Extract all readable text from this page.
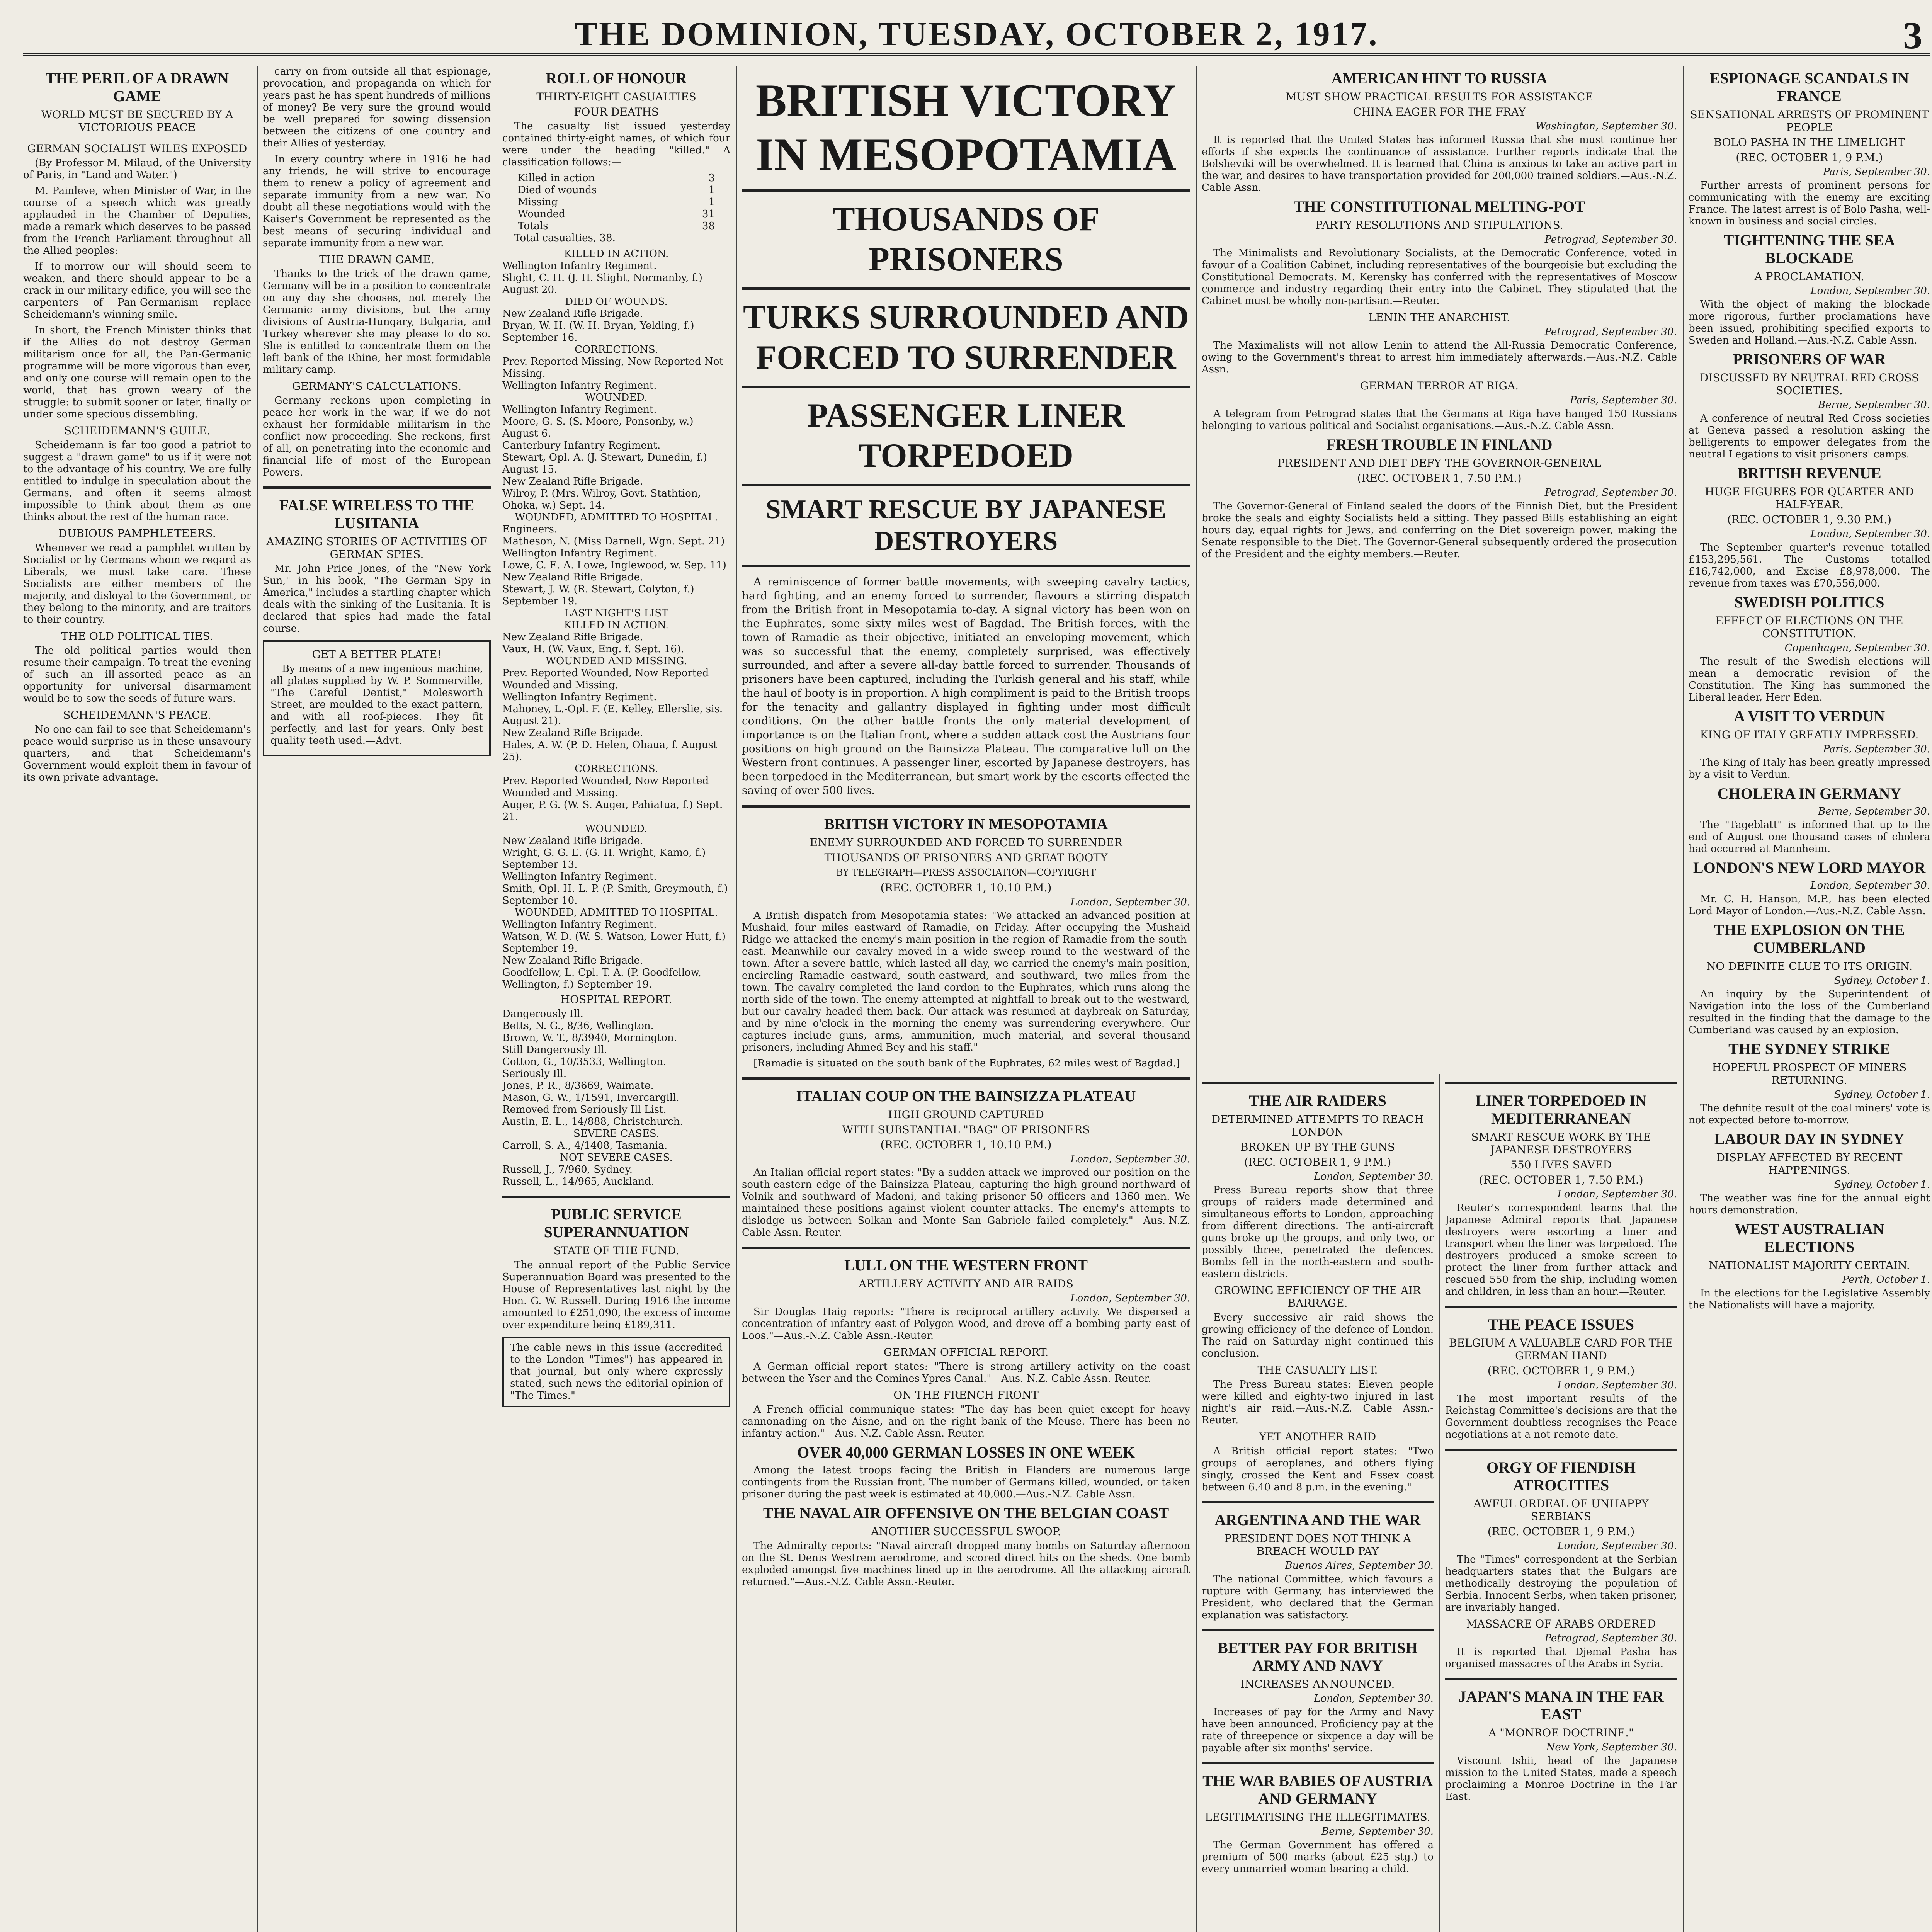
THE DOMINION, TUESDAY, OCTOBER 2, 1917.	3
THE PERIL OF A DRAWN GAME
WORLD MUST BE SECURED BY A VICTORIOUS PEACE
GERMAN SOCIALIST WILES EXPOSED
(By Professor M. Milaud, of the University of Paris, in "Land and Water.")
M. Painleve, when Minister of War, in the course of a speech which was greatly applauded in the Chamber of Deputies, made a remark which deserves to be passed from the French Parliament throughout all the Allied peoples:
If to-morrow our will should seem to weaken, and there should appear to be a crack in our military edifice, you will see the carpenters of Pan-Germanism replace Scheidemann's winning smile.
In short, the French Minister thinks that if the Allies do not destroy German militarism once for all, the Pan-Germanic programme will be more vigorous than ever, and only one course will remain open to the world, that has grown weary of the struggle: to submit sooner or later, finally or under some specious dissembling.
SCHEIDEMANN'S GUILE.
Scheidemann is far too good a patriot to suggest a "drawn game" to us if it were not to the advantage of his country. We are fully entitled to indulge in speculation about the Germans, and often it seems almost impossible to think about them as one thinks about the rest of the human race.
DUBIOUS PAMPHLETEERS.
Whenever we read a pamphlet written by Socialist or by Germans whom we regard as Liberals, we must take care. These Socialists are either members of the majority, and disloyal to the Government, or they belong to the minority, and are traitors to their country.
THE OLD POLITICAL TIES.
The old political parties would then resume their campaign. To treat the evening of such an ill-assorted peace as an opportunity for universal disarmament would be to sow the seeds of future wars.
SCHEIDEMANN'S PEACE.
No one can fail to see that Scheidemann's peace would surprise us in these unsavoury quarters, and that Scheidemann's Government would exploit them in favour of its own private advantage.
carry on from outside all that espionage, provocation, and propaganda on which for years past he has spent hundreds of millions of money? Be very sure the ground would be well prepared for sowing dissension between the citizens of one country and their Allies of yesterday.
In every country where in 1916 he had any friends, he will strive to encourage them to renew a policy of agreement and separate immunity from a new war. No doubt all these negotiations would with the Kaiser's Government be represented as the best means of securing individual and separate immunity from a new war.
THE DRAWN GAME.
Thanks to the trick of the drawn game, Germany will be in a position to concentrate on any day she chooses, not merely the Germanic army divisions, but the army divisions of Austria-Hungary, Bulgaria, and Turkey wherever she may please to do so. She is entitled to concentrate them on the left bank of the Rhine, her most formidable military camp.
GERMANY'S CALCULATIONS.
Germany reckons upon completing in peace her work in the war, if we do not exhaust her formidable militarism in the conflict now proceeding. She reckons, first of all, on penetrating into the economic and financial life of most of the European Powers.
FALSE WIRELESS TO THE LUSITANIA
AMAZING STORIES OF ACTIVITIES OF GERMAN SPIES.
Mr. John Price Jones, of the "New York Sun," in his book, "The German Spy in America," includes a startling chapter which deals with the sinking of the Lusitania. It is declared that spies had made the fatal course.
GET A BETTER PLATE!
By means of a new ingenious machine, all plates supplied by W. P. Sommerville, "The Careful Dentist," Molesworth Street, are moulded to the exact pattern, and with all roof-pieces. They fit perfectly, and last for years. Only best quality teeth used.—Advt.
ROLL OF HONOUR
THIRTY-EIGHT CASUALTIES
FOUR DEATHS
The casualty list issued yesterday contained thirty-eight names, of which four were under the heading "killed." A classification follows:—
Killed in action	3
Died of wounds	1
Missing	1
Wounded	31
Totals	38
Total casualties, 38.
KILLED IN ACTION.
Wellington Infantry Regiment.
Slight, C. H. (J. H. Slight, Normanby, f.) August 20.
DIED OF WOUNDS.
New Zealand Rifle Brigade.
Bryan, W. H. (W. H. Bryan, Yelding, f.) September 16.
CORRECTIONS.
Prev. Reported Missing, Now Reported Not Missing.
Wellington Infantry Regiment.
WOUNDED.
Wellington Infantry Regiment.
Moore, G. S. (S. Moore, Ponsonby, w.) August 6.
Canterbury Infantry Regiment.
Stewart, Opl. A. (J. Stewart, Dunedin, f.) August 15.
New Zealand Rifle Brigade.
Wilroy, P. (Mrs. Wilroy, Govt. Stathtion, Ohoka, w.) Sept. 14.
WOUNDED, ADMITTED TO HOSPITAL.
Engineers.
Matheson, N. (Miss Darnell, Wgn. Sept. 21)
Wellington Infantry Regiment.
Lowe, C. E. A. Lowe, Inglewood, w. Sep. 11)
New Zealand Rifle Brigade.
Stewart, J. W. (R. Stewart, Colyton, f.) September 19.
LAST NIGHT'S LIST
KILLED IN ACTION.
New Zealand Rifle Brigade.
Vaux, H. (W. Vaux, Eng. f. Sept. 16).
WOUNDED AND MISSING.
Prev. Reported Wounded, Now Reported Wounded and Missing.
Wellington Infantry Regiment.
Mahoney, L.-Opl. F. (E. Kelley, Ellerslie, sis. August 21).
New Zealand Rifle Brigade.
Hales, A. W. (P. D. Helen, Ohaua, f. August 25).
CORRECTIONS.
Prev. Reported Wounded, Now Reported Wounded and Missing.
Auger, P. G. (W. S. Auger, Pahiatua, f.) Sept. 21.
WOUNDED.
New Zealand Rifle Brigade.
Wright, G. G. E. (G. H. Wright, Kamo, f.) September 13.
Wellington Infantry Regiment.
Smith, Opl. H. L. P. (P. Smith, Greymouth, f.) September 10.
WOUNDED, ADMITTED TO HOSPITAL.
Wellington Infantry Regiment.
Watson, W. D. (W. S. Watson, Lower Hutt, f.) September 19.
New Zealand Rifle Brigade.
Goodfellow, L.-Cpl. T. A. (P. Goodfellow, Wellington, f.) September 19.
HOSPITAL REPORT.
Dangerously Ill.
Betts, N. G., 8/36, Wellington.
Brown, W. T., 8/3940, Mornington.
Still Dangerously Ill.
Cotton, G., 10/3533, Wellington.
Seriously Ill.
Jones, P. R., 8/3669, Waimate.
Mason, G. W., 1/1591, Invercargill.
Removed from Seriously Ill List.
Austin, E. L., 14/888, Christchurch.
SEVERE CASES.
Carroll, S. A., 4/1408, Tasmania.
NOT SEVERE CASES.
Russell, J., 7/960, Sydney.
Russell, L., 14/965, Auckland.
PUBLIC SERVICE SUPERANNUATION
STATE OF THE FUND.
The annual report of the Public Service Superannuation Board was presented to the House of Representatives last night by the Hon. G. W. Russell. During 1916 the income amounted to £251,090, the excess of income over expenditure being £189,311.
The cable news in this issue (accredited to the London "Times") has appeared in that journal, but only where expressly stated, such news the editorial opinion of "The Times."
BRITISH VICTORY IN MESOPOTAMIA
THOUSANDS OF PRISONERS
TURKS SURROUNDED AND FORCED TO SURRENDER
PASSENGER LINER TORPEDOED
SMART RESCUE BY JAPANESE DESTROYERS
A reminiscence of former battle movements, with sweeping cavalry tactics, hard fighting, and an enemy forced to surrender, flavours a stirring dispatch from the British front in Mesopotamia to-day. A signal victory has been won on the Euphrates, some sixty miles west of Bagdad. The British forces, with the town of Ramadie as their objective, initiated an enveloping movement, which was so successful that the enemy, completely surprised, was effectively surrounded, and after a severe all-day battle forced to surrender. Thousands of prisoners have been captured, including the Turkish general and his staff, while the haul of booty is in proportion. A high compliment is paid to the British troops for the tenacity and gallantry displayed in fighting under most difficult conditions. On the other battle fronts the only material development of importance is on the Italian front, where a sudden attack cost the Austrians four positions on high ground on the Bainsizza Plateau. The comparative lull on the Western front continues. A passenger liner, escorted by Japanese destroyers, has been torpedoed in the Mediterranean, but smart work by the escorts effected the saving of over 500 lives.
BRITISH VICTORY IN MESOPOTAMIA
ENEMY SURROUNDED AND FORCED TO SURRENDER
THOUSANDS OF PRISONERS AND GREAT BOOTY
BY TELEGRAPH—PRESS ASSOCIATION—COPYRIGHT
(REC. OCTOBER 1, 10.10 P.M.)
London, September 30.
A British dispatch from Mesopotamia states: "We attacked an advanced position at Mushaid, four miles eastward of Ramadie, on Friday. After occupying the Mushaid Ridge we attacked the enemy's main position in the region of Ramadie from the south-east. Meanwhile our cavalry moved in a wide sweep round to the westward of the town. After a severe battle, which lasted all day, we carried the enemy's main position, encircling Ramadie eastward, south-eastward, and southward, two miles from the town. The cavalry completed the land cordon to the Euphrates, which runs along the north side of the town. The enemy attempted at nightfall to break out to the westward, but our cavalry headed them back. Our attack was resumed at daybreak on Saturday, and by nine o'clock in the morning the enemy was surrendering everywhere. Our captures include guns, arms, ammunition, much material, and several thousand prisoners, including Ahmed Bey and his staff."
[Ramadie is situated on the south bank of the Euphrates, 62 miles west of Bagdad.]
ITALIAN COUP ON THE BAINSIZZA PLATEAU
HIGH GROUND CAPTURED
WITH SUBSTANTIAL "BAG" OF PRISONERS
(REC. OCTOBER 1, 10.10 P.M.)
London, September 30.
An Italian official report states: "By a sudden attack we improved our position on the south-eastern edge of the Bainsizza Plateau, capturing the high ground northward of Volnik and southward of Madoni, and taking prisoner 50 officers and 1360 men. We maintained these positions against violent counter-attacks. The enemy's attempts to dislodge us between Solkan and Monte San Gabriele failed completely."—Aus.-N.Z. Cable Assn.-Reuter.
LULL ON THE WESTERN FRONT
ARTILLERY ACTIVITY AND AIR RAIDS
London, September 30.
Sir Douglas Haig reports: "There is reciprocal artillery activity. We dispersed a concentration of infantry east of Polygon Wood, and drove off a bombing party east of Loos."—Aus.-N.Z. Cable Assn.-Reuter.
GERMAN OFFICIAL REPORT.
A German official report states: "There is strong artillery activity on the coast between the Yser and the Comines-Ypres Canal."—Aus.-N.Z. Cable Assn.-Reuter.
ON THE FRENCH FRONT
A French official communique states: "The day has been quiet except for heavy cannonading on the Aisne, and on the right bank of the Meuse. There has been no infantry action."—Aus.-N.Z. Cable Assn.-Reuter.
OVER 40,000 GERMAN LOSSES IN ONE WEEK
Among the latest troops facing the British in Flanders are numerous large contingents from the Russian front. The number of Germans killed, wounded, or taken prisoner during the past week is estimated at 40,000.—Aus.-N.Z. Cable Assn.
THE NAVAL AIR OFFENSIVE ON THE BELGIAN COAST
ANOTHER SUCCESSFUL SWOOP.
The Admiralty reports: "Naval aircraft dropped many bombs on Saturday afternoon on the St. Denis Westrem aerodrome, and scored direct hits on the sheds. One bomb exploded amongst five machines lined up in the aerodrome. All the attacking aircraft returned."—Aus.-N.Z. Cable Assn.-Reuter.
AMERICAN HINT TO RUSSIA
MUST SHOW PRACTICAL RESULTS FOR ASSISTANCE
CHINA EAGER FOR THE FRAY
Washington, September 30.
It is reported that the United States has informed Russia that she must continue her efforts if she expects the continuance of assistance. Further reports indicate that the Bolsheviki will be overwhelmed. It is learned that China is anxious to take an active part in the war, and desires to have transportation provided for 200,000 trained soldiers.—Aus.-N.Z. Cable Assn.
THE CONSTITUTIONAL MELTING-POT
PARTY RESOLUTIONS AND STIPULATIONS.
Petrograd, September 30.
The Minimalists and Revolutionary Socialists, at the Democratic Conference, voted in favour of a Coalition Cabinet, including representatives of the bourgeoisie but excluding the Constitutional Democrats. M. Kerensky has conferred with the representatives of Moscow commerce and industry regarding their entry into the Cabinet. They stipulated that the Cabinet must be wholly non-partisan.—Reuter.
LENIN THE ANARCHIST.
Petrograd, September 30.
The Maximalists will not allow Lenin to attend the All-Russia Democratic Conference, owing to the Government's threat to arrest him immediately afterwards.—Aus.-N.Z. Cable Assn.
GERMAN TERROR AT RIGA.
Paris, September 30.
A telegram from Petrograd states that the Germans at Riga have hanged 150 Russians belonging to various political and Socialist organisations.—Aus.-N.Z. Cable Assn.
FRESH TROUBLE IN FINLAND
PRESIDENT AND DIET DEFY THE GOVERNOR-GENERAL
(REC. OCTOBER 1, 7.50 P.M.)
Petrograd, September 30.
The Governor-General of Finland sealed the doors of the Finnish Diet, but the President broke the seals and eighty Socialists held a sitting. They passed Bills establishing an eight hours day, equal rights for Jews, and conferring on the Diet sovereign power, making the Senate responsible to the Diet. The Governor-General subsequently ordered the prosecution of the President and the eighty members.—Reuter.
THE AIR RAIDERS
DETERMINED ATTEMPTS TO REACH LONDON
BROKEN UP BY THE GUNS
(REC. OCTOBER 1, 9 P.M.)
London, September 30.
Press Bureau reports show that three groups of raiders made determined and simultaneous efforts to London, approaching from different directions. The anti-aircraft guns broke up the groups, and only two, or possibly three, penetrated the defences. Bombs fell in the north-eastern and south-eastern districts.
GROWING EFFICIENCY OF THE AIR BARRAGE.
Every successive air raid shows the growing efficiency of the defence of London. The raid on Saturday night continued this conclusion.
THE CASUALTY LIST.
The Press Bureau states: Eleven people were killed and eighty-two injured in last night's air raid.—Aus.-N.Z. Cable Assn.-Reuter.
YET ANOTHER RAID
A British official report states: "Two groups of aeroplanes, and others flying singly, crossed the Kent and Essex coast between 6.40 and 8 p.m. in the evening."
ARGENTINA AND THE WAR
PRESIDENT DOES NOT THINK A BREACH WOULD PAY
Buenos Aires, September 30.
The national Committee, which favours a rupture with Germany, has interviewed the President, who declared that the German explanation was satisfactory.
BETTER PAY FOR BRITISH ARMY AND NAVY
INCREASES ANNOUNCED.
London, September 30.
Increases of pay for the Army and Navy have been announced. Proficiency pay at the rate of threepence or sixpence a day will be payable after six months' service.
THE WAR BABIES OF AUSTRIA AND GERMANY
LEGITIMATISING THE ILLEGITIMATES.
Berne, September 30.
The German Government has offered a premium of 500 marks (about £25 stg.) to every unmarried woman bearing a child.
LINER TORPEDOED IN MEDITERRANEAN
SMART RESCUE WORK BY THE JAPANESE DESTROYERS
550 LIVES SAVED
(REC. OCTOBER 1, 7.50 P.M.)
London, September 30.
Reuter's correspondent learns that the Japanese Admiral reports that Japanese destroyers were escorting a liner and transport when the liner was torpedoed. The destroyers produced a smoke screen to protect the liner from further attack and rescued 550 from the ship, including women and children, in less than an hour.—Reuter.
THE PEACE ISSUES
BELGIUM A VALUABLE CARD FOR THE GERMAN HAND
(REC. OCTOBER 1, 9 P.M.)
London, September 30.
The most important results of the Reichstag Committee's decisions are that the Government doubtless recognises the Peace negotiations at a not remote date.
ORGY OF FIENDISH ATROCITIES
AWFUL ORDEAL OF UNHAPPY SERBIANS
(REC. OCTOBER 1, 9 P.M.)
London, September 30.
The "Times" correspondent at the Serbian headquarters states that the Bulgars are methodically destroying the population of Serbia. Innocent Serbs, when taken prisoner, are invariably hanged.
MASSACRE OF ARABS ORDERED
Petrograd, September 30.
It is reported that Djemal Pasha has organised massacres of the Arabs in Syria.
JAPAN'S MANA IN THE FAR EAST
A "MONROE DOCTRINE."
New York, September 30.
Viscount Ishii, head of the Japanese mission to the United States, made a speech proclaiming a Monroe Doctrine in the Far East.
ESPIONAGE SCANDALS IN FRANCE
SENSATIONAL ARRESTS OF PROMINENT PEOPLE
BOLO PASHA IN THE LIMELIGHT
(REC. OCTOBER 1, 9 P.M.)
Paris, September 30.
Further arrests of prominent persons for communicating with the enemy are exciting France. The latest arrest is of Bolo Pasha, well-known in business and social circles.
TIGHTENING THE SEA BLOCKADE
A PROCLAMATION.
London, September 30.
With the object of making the blockade more rigorous, further proclamations have been issued, prohibiting specified exports to Sweden and Holland.—Aus.-N.Z. Cable Assn.
PRISONERS OF WAR
DISCUSSED BY NEUTRAL RED CROSS SOCIETIES.
Berne, September 30.
A conference of neutral Red Cross societies at Geneva passed a resolution asking the belligerents to empower delegates from the neutral Legations to visit prisoners' camps.
BRITISH REVENUE
HUGE FIGURES FOR QUARTER AND HALF-YEAR.
(REC. OCTOBER 1, 9.30 P.M.)
London, September 30.
The September quarter's revenue totalled £153,295,561. The Customs totalled £16,742,000, and Excise £8,978,000. The revenue from taxes was £70,556,000.
SWEDISH POLITICS
EFFECT OF ELECTIONS ON THE CONSTITUTION.
Copenhagen, September 30.
The result of the Swedish elections will mean a democratic revision of the Constitution. The King has summoned the Liberal leader, Herr Eden.
A VISIT TO VERDUN
KING OF ITALY GREATLY IMPRESSED.
Paris, September 30.
The King of Italy has been greatly impressed by a visit to Verdun.
CHOLERA IN GERMANY
Berne, September 30.
The "Tageblatt" is informed that up to the end of August one thousand cases of cholera had occurred at Mannheim.
LONDON'S NEW LORD MAYOR
London, September 30.
Mr. C. H. Hanson, M.P., has been elected Lord Mayor of London.—Aus.-N.Z. Cable Assn.
THE EXPLOSION ON THE CUMBERLAND
NO DEFINITE CLUE TO ITS ORIGIN.
Sydney, October 1.
An inquiry by the Superintendent of Navigation into the loss of the Cumberland resulted in the finding that the damage to the Cumberland was caused by an explosion.
THE SYDNEY STRIKE
HOPEFUL PROSPECT OF MINERS RETURNING.
Sydney, October 1.
The definite result of the coal miners' vote is not expected before to-morrow.
LABOUR DAY IN SYDNEY
DISPLAY AFFECTED BY RECENT HAPPENINGS.
Sydney, October 1.
The weather was fine for the annual eight hours demonstration.
WEST AUSTRALIAN ELECTIONS
NATIONALIST MAJORITY CERTAIN.
Perth, October 1.
In the elections for the Legislative Assembly the Nationalists will have a majority.
